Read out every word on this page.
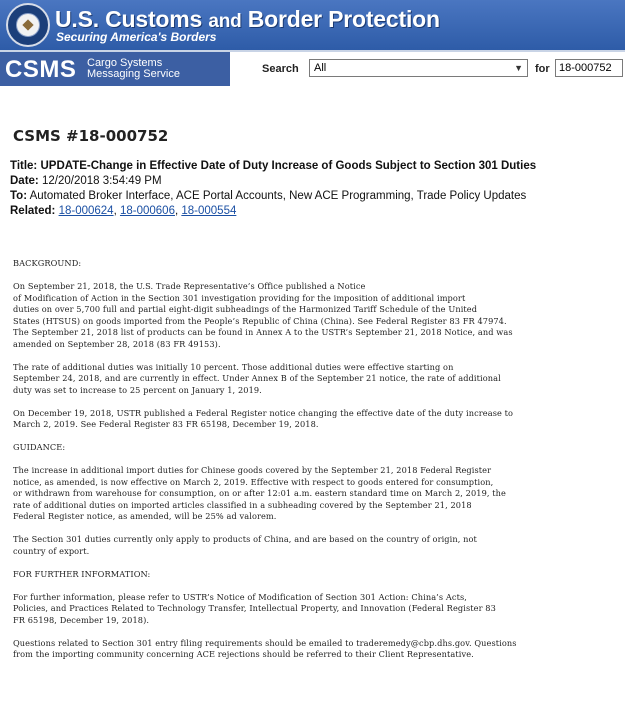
U.S. Customs and Border Protection
Securing America's Borders
CSMS Cargo Systems
Messaging Service	Search	All	▼ for 18-000752
CSMS #18-000752
Title: UPDATE-Change in Effective Date of Duty Increase of Goods Subject to Section 301 Duties
Date: 12/20/2018 3:54:49 PM
To: Automated Broker Interface, ACE Portal Accounts, New ACE Programming, Trade Policy Updates
Related: 18-000624, 18-000606, 18-000554

BACKGROUND:

On September 21, 2018, the U.S. Trade Representative’s Office published a Notice
of Modification of Action in the Section 301 investigation providing for the imposition of additional import
duties on over 5,700 full and partial eight-digit subheadings of the Harmonized Tariff Schedule of the United
States (HTSUS) on goods imported from the People’s Republic of China (China). See Federal Register 83 FR 47974.
The September 21, 2018 list of products can be found in Annex A to the USTR’s September 21, 2018 Notice, and was
amended on September 28, 2018 (83 FR 49153).

The rate of additional duties was initially 10 percent. Those additional duties were effective starting on
September 24, 2018, and are currently in effect. Under Annex B of the September 21 notice, the rate of additional
duty was set to increase to 25 percent on January 1, 2019.

On December 19, 2018, USTR published a Federal Register notice changing the effective date of the duty increase to
March 2, 2019. See Federal Register 83 FR 65198, December 19, 2018.

GUIDANCE:

The increase in additional import duties for Chinese goods covered by the September 21, 2018 Federal Register
notice, as amended, is now effective on March 2, 2019. Effective with respect to goods entered for consumption,
or withdrawn from warehouse for consumption, on or after 12:01 a.m. eastern standard time on March 2, 2019, the
rate of additional duties on imported articles classified in a subheading covered by the September 21, 2018
Federal Register notice, as amended, will be 25% ad valorem.

The Section 301 duties currently only apply to products of China, and are based on the country of origin, not
country of export.

FOR FURTHER INFORMATION:

For further information, please refer to USTR’s Notice of Modification of Section 301 Action: China’s Acts,
Policies, and Practices Related to Technology Transfer, Intellectual Property, and Innovation (Federal Register 83
FR 65198, December 19, 2018).

Questions related to Section 301 entry filing requirements should be emailed to traderemedy@cbp.dhs.gov. Questions
from the importing community concerning ACE rejections should be referred to their Client Representative.
